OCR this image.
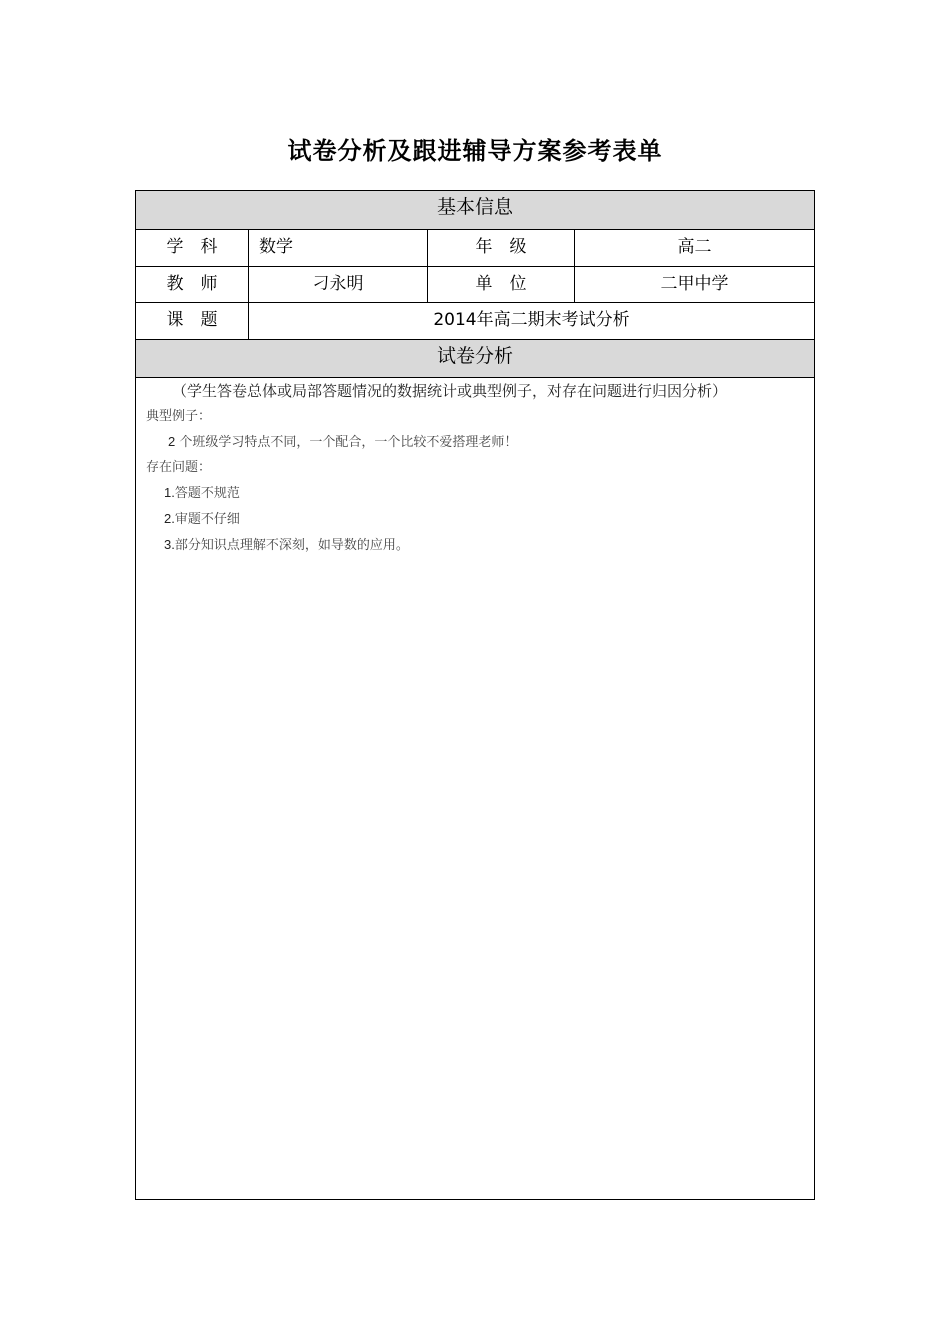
试卷分析及跟进辅导方案参考表单
基本信息
学　科	数学	年　级	高二
教　师	刁永明	单　位	二甲中学
课　题	2014年高二期末考试分析
试卷分析
（学生答卷总体或局部答题情况的数据统计或典型例子，对存在问题进行归因分析）
典型例子：
2 个班级学习特点不同，一个配合，一个比较不爱搭理老师！
存在问题：
1.答题不规范
2.审题不仔细
3.部分知识点理解不深刻，如导数的应用。
